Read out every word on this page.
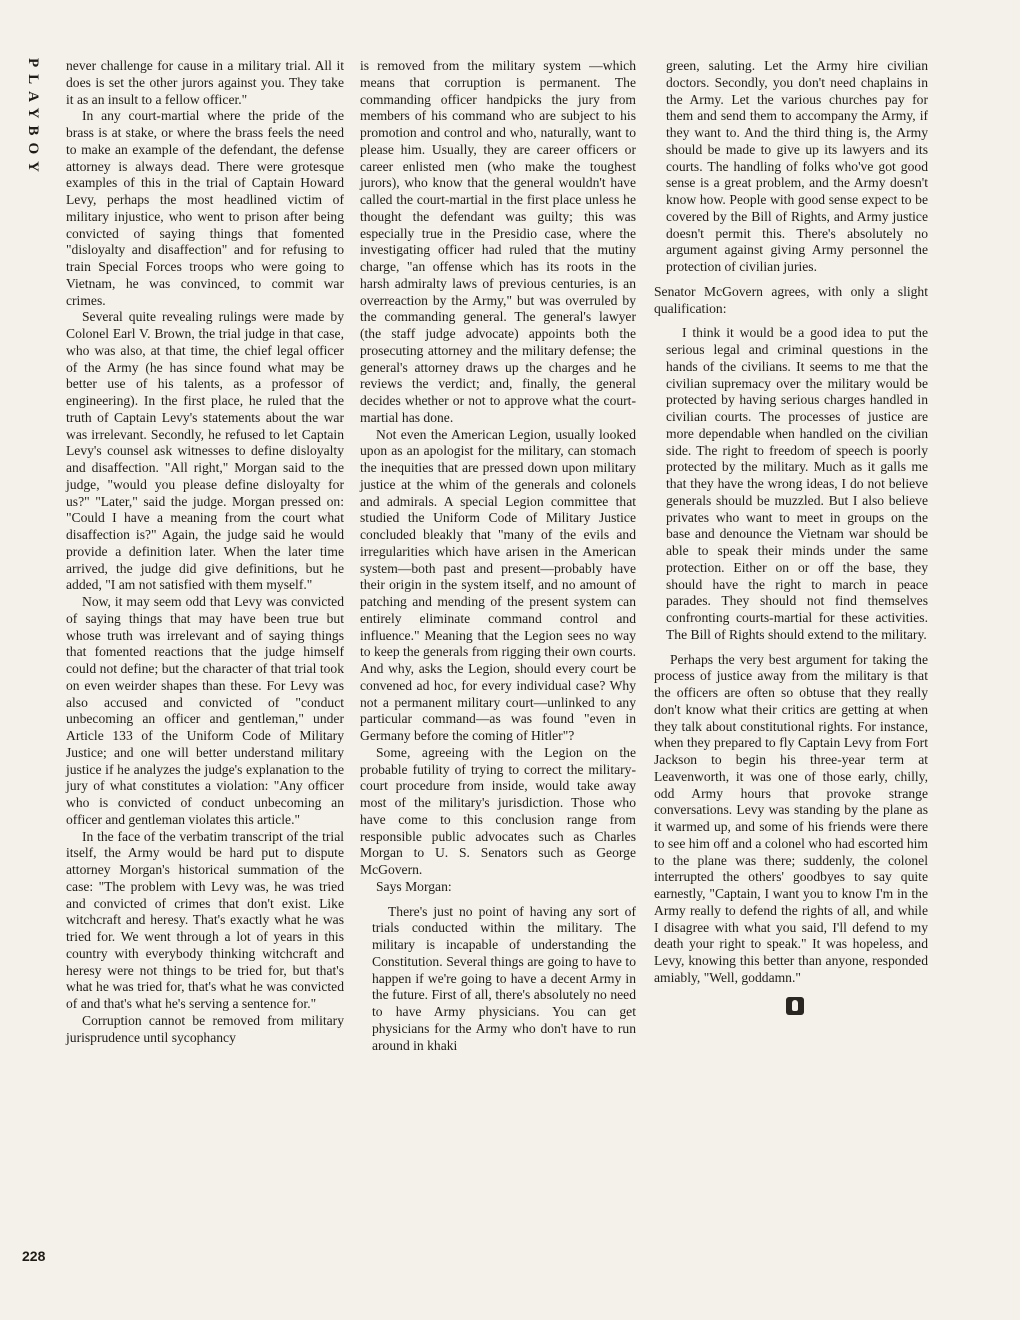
PLAYBOY
228

never challenge for cause in a military trial. All it does is set the other jurors against you. They take it as an insult to a fellow officer."

In any court-martial where the pride of the brass is at stake, or where the brass feels the need to make an example of the defendant, the defense attorney is always dead. There were grotesque examples of this in the trial of Captain Howard Levy, perhaps the most headlined victim of military injustice, who went to prison after being convicted of saying things that fomented "disloyalty and disaffection" and for refusing to train Special Forces troops who were going to Vietnam, he was convinced, to commit war crimes.

Several quite revealing rulings were made by Colonel Earl V. Brown, the trial judge in that case, who was also, at that time, the chief legal officer of the Army (he has since found what may be better use of his talents, as a professor of engineering). In the first place, he ruled that the truth of Captain Levy's statements about the war was irrelevant. Secondly, he refused to let Captain Levy's counsel ask witnesses to define disloyalty and disaffection. "All right," Morgan said to the judge, "would you please define disloyalty for us?" "Later," said the judge. Morgan pressed on: "Could I have a meaning from the court what disaffection is?" Again, the judge said he would provide a definition later. When the later time arrived, the judge did give definitions, but he added, "I am not satisfied with them myself."

Now, it may seem odd that Levy was convicted of saying things that may have been true but whose truth was irrelevant and of saying things that fomented reactions that the judge himself could not define; but the character of that trial took on even weirder shapes than these. For Levy was also accused and convicted of "conduct unbecoming an officer and gentleman," under Article 133 of the Uniform Code of Military Justice; and one will better understand military justice if he analyzes the judge's explanation to the jury of what constitutes a violation: "Any officer who is convicted of conduct unbecoming an officer and gentleman violates this article."

In the face of the verbatim transcript of the trial itself, the Army would be hard put to dispute attorney Morgan's historical summation of the case: "The problem with Levy was, he was tried and convicted of crimes that don't exist. Like witchcraft and heresy. That's exactly what he was tried for. We went through a lot of years in this country with everybody thinking witchcraft and heresy were not things to be tried for, but that's what he was tried for, that's what he was convicted of and that's what he's serving a sentence for."

Corruption cannot be removed from military jurisprudence until sycophancy

is removed from the military system —which means that corruption is permanent. The commanding officer handpicks the jury from members of his command who are subject to his promotion and control and who, naturally, want to please him. Usually, they are career officers or career enlisted men (who make the toughest jurors), who know that the general wouldn't have called the court-martial in the first place unless he thought the defendant was guilty; this was especially true in the Presidio case, where the investigating officer had ruled that the mutiny charge, "an offense which has its roots in the harsh admiralty laws of previous centuries, is an overreaction by the Army," but was overruled by the commanding general. The general's lawyer (the staff judge advocate) appoints both the prosecuting attorney and the military defense; the general's attorney draws up the charges and he reviews the verdict; and, finally, the general decides whether or not to approve what the court-martial has done.

Not even the American Legion, usually looked upon as an apologist for the military, can stomach the inequities that are pressed down upon military justice at the whim of the generals and colonels and admirals. A special Legion committee that studied the Uniform Code of Military Justice concluded bleakly that "many of the evils and irregularities which have arisen in the American system—both past and present—probably have their origin in the system itself, and no amount of patching and mending of the present system can entirely eliminate command control and influence." Meaning that the Legion sees no way to keep the generals from rigging their own courts. And why, asks the Legion, should every court be convened ad hoc, for every individual case? Why not a permanent military court—unlinked to any particular command—as was found "even in Germany before the coming of Hitler"?

Some, agreeing with the Legion on the probable futility of trying to correct the military-court procedure from inside, would take away most of the military's jurisdiction. Those who have come to this conclusion range from responsible public advocates such as Charles Morgan to U. S. Senators such as George McGovern.

Says Morgan:

There's just no point of having any sort of trials conducted within the military. The military is incapable of understanding the Constitution. Several things are going to have to happen if we're going to have a decent Army in the future. First of all, there's absolutely no need to have Army physicians. You can get physicians for the Army who don't have to run around in khaki

green, saluting. Let the Army hire civilian doctors. Secondly, you don't need chaplains in the Army. Let the various churches pay for them and send them to accompany the Army, if they want to. And the third thing is, the Army should be made to give up its lawyers and its courts. The handling of folks who've got good sense is a great problem, and the Army doesn't know how. People with good sense expect to be covered by the Bill of Rights, and Army justice doesn't permit this. There's absolutely no argument against giving Army personnel the protection of civilian juries.

Senator McGovern agrees, with only a slight qualification:

I think it would be a good idea to put the serious legal and criminal questions in the hands of the civilians. It seems to me that the civilian supremacy over the military would be protected by having serious charges handled in civilian courts. The processes of justice are more dependable when handled on the civilian side. The right to freedom of speech is poorly protected by the military. Much as it galls me that they have the wrong ideas, I do not believe generals should be muzzled. But I also believe privates who want to meet in groups on the base and denounce the Vietnam war should be able to speak their minds under the same protection. Either on or off the base, they should have the right to march in peace parades. They should not find themselves confronting courts-martial for these activities. The Bill of Rights should extend to the military.

Perhaps the very best argument for taking the process of justice away from the military is that the officers are often so obtuse that they really don't know what their critics are getting at when they talk about constitutional rights. For instance, when they prepared to fly Captain Levy from Fort Jackson to begin his three-year term at Leavenworth, it was one of those early, chilly, odd Army hours that provoke strange conversations. Levy was standing by the plane as it warmed up, and some of his friends were there to see him off and a colonel who had escorted him to the plane was there; suddenly, the colonel interrupted the others' goodbyes to say quite earnestly, "Captain, I want you to know I'm in the Army really to defend the rights of all, and while I disagree with what you said, I'll defend to my death your right to speak." It was hopeless, and Levy, knowing this better than anyone, responded amiably, "Well, goddamn."
